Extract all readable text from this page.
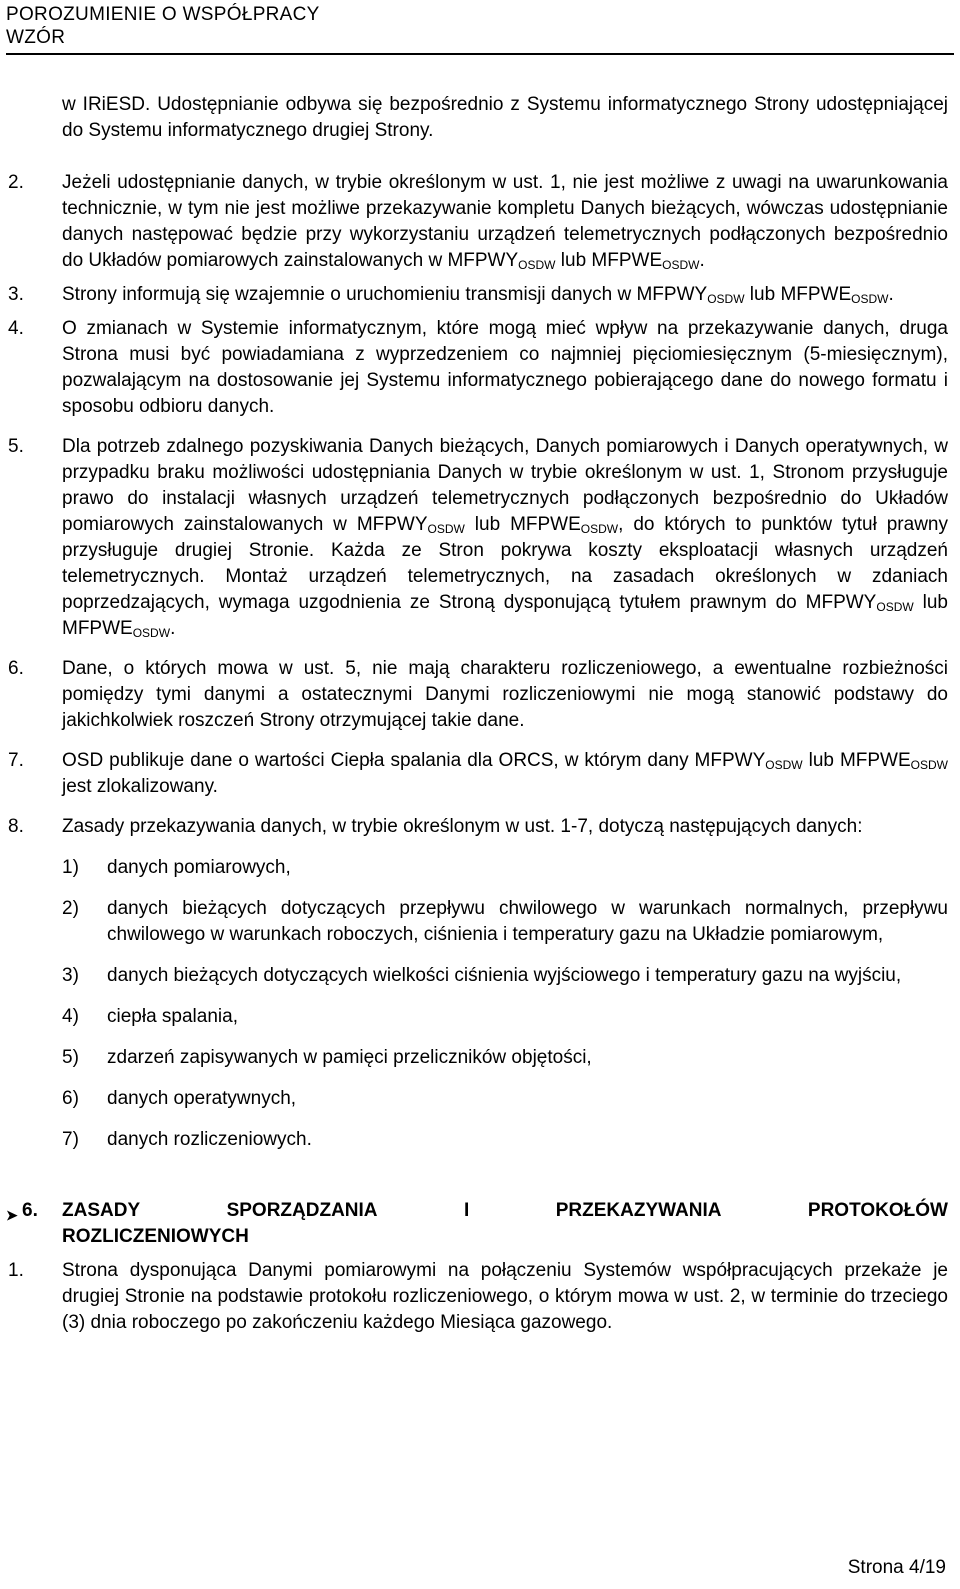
POROZUMIENIE O WSPÓŁPRACY
WZÓR
w IRiESD. Udostępnianie odbywa się bezpośrednio z Systemu informatycznego Strony udostępniającej do Systemu informatycznego drugiej Strony.
2. Jeżeli udostępnianie danych, w trybie określonym w ust. 1, nie jest możliwe z uwagi na uwarunkowania technicznie, w tym nie jest możliwe przekazywanie kompletu Danych bieżących, wówczas udostępnianie danych następować będzie przy wykorzystaniu urządzeń telemetrycznych podłączonych bezpośrednio do Układów pomiarowych zainstalowanych w $MFPWY_{OSDW}$ lub $MFPWE_{OSDW}$.
3. Strony informują się wzajemnie o uruchomieniu transmisji danych w $MFPWY_{OSDW}$ lub $MFPWE_{OSDW}$.
4. O zmianach w Systemie informatycznym, które mogą mieć wpływ na przekazywanie danych, druga Strona musi być powiadamiana z wyprzedzeniem co najmniej pięciomiesięcznym (5-miesięcznym), pozwalającym na dostosowanie jej Systemu informatycznego pobierającego dane do nowego formatu i sposobu odbioru danych.
5. Dla potrzeb zdalnego pozyskiwania Danych bieżących, Danych pomiarowych i Danych operatywnych, w przypadku braku możliwości udostępniania Danych w trybie określonym w ust. 1, Stronom przysługuje prawo do instalacji własnych urządzeń telemetrycznych podłączonych bezpośrednio do Układów pomiarowych zainstalowanych w $MFPWY_{OSDW}$ lub $MFPWE_{OSDW}$, do których to punktów tytuł prawny przysługuje drugiej Stronie. Każda ze Stron pokrywa koszty eksploatacji własnych urządzeń telemetrycznych. Montaż urządzeń telemetrycznych, na zasadach określonych w zdaniach poprzedzających, wymaga uzgodnienia ze Stroną dysponującą tytułem prawnym do $MFPWY_{OSDW}$ lub $MFPWE_{OSDW}$.
6. Dane, o których mowa w ust. 5, nie mają charakteru rozliczeniowego, a ewentualne rozbieżności pomiędzy tymi danymi a ostatecznymi Danymi rozliczeniowymi nie mogą stanowić podstawy do jakichkolwiek roszczeń Strony otrzymującej takie dane.
7. OSD publikuje dane o wartości Ciepła spalania dla ORCS, w którym dany $MFPWY_{OSDW}$ lub $MFPWE_{OSDW}$ jest zlokalizowany.
8. Zasady przekazywania danych, w trybie określonym w ust. 1-7, dotyczą następujących danych:
1) danych pomiarowych,
2) danych bieżących dotyczących przepływu chwilowego w warunkach normalnych, przepływu chwilowego w warunkach roboczych, ciśnienia i temperatury gazu na Układzie pomiarowym,
3) danych bieżących dotyczących wielkości ciśnienia wyjściowego i temperatury gazu na wyjściu,
4) ciepła spalania,
5) zdarzeń zapisywanych w pamięci przeliczników objętości,
6) danych operatywnych,
7) danych rozliczeniowych.
➤ 6. ZASADY	SPORZĄDZANIA	I	PRZEKAZYWANIA	PROTOKOŁÓW
ROZLICZENIOWYCH
1. Strona dysponująca Danymi pomiarowymi na połączeniu Systemów współpracujących przekaże je drugiej Stronie na podstawie protokołu rozliczeniowego, o którym mowa w ust. 2, w terminie do trzeciego (3) dnia roboczego po zakończeniu każdego Miesiąca gazowego.
Strona 4/19
